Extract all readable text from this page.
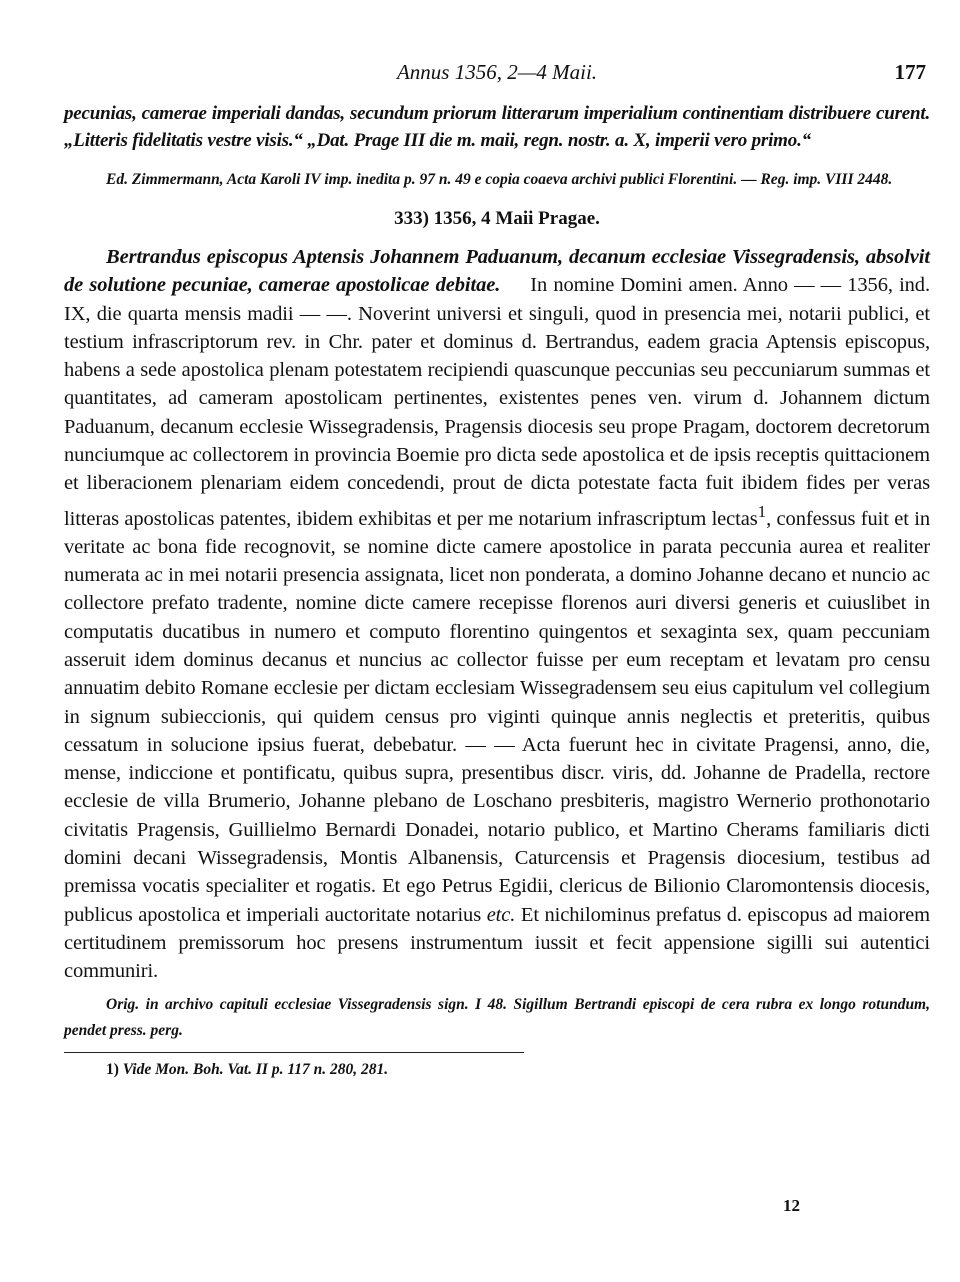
Annus 1356, 2—4 Maii.	177

pecunias, camerae imperiali dandas, secundum priorum litterarum imperialium continentiam distribuere curent. „Litteris fidelitatis vestre visis.“ „Dat. Prage III die m. maii, regn. nostr. a. X, imperii vero primo.“

Ed. Zimmermann, Acta Karoli IV imp. inedita p. 97 n. 49 e copia coaeva archivi publici Florentini. — Reg. imp. VIII 2448.

333) 1356, 4 Maii Pragae.

Bertrandus episcopus Aptensis Johannem Paduanum, decanum ecclesiae Vissegradensis, absolvit de solutione pecuniae, camerae apostolicae debitae. In nomine Domini amen. Anno — — 1356, ind. IX, die quarta mensis madii — —. Noverint universi et singuli, quod in presencia mei, notarii publici, et testium infrascriptorum rev. in Chr. pater et dominus d. Bertrandus, eadem gracia Aptensis episcopus, habens a sede apostolica plenam potestatem recipiendi quascunque peccunias seu peccuniarum summas et quantitates, ad cameram apostolicam pertinentes, existentes penes ven. virum d. Johannem dictum Paduanum, decanum ecclesie Wissegradensis, Pragensis diocesis seu prope Pragam, doctorem decretorum nunciumque ac collectorem in provincia Boemie pro dicta sede apostolica et de ipsis receptis quittacionem et liberacionem plenariam eidem concedendi, prout de dicta potestate facta fuit ibidem fides per veras litteras apostolicas patentes, ibidem exhibitas et per me notarium infrascriptum lectas$^1$, confessus fuit et in veritate ac bona fide recognovit, se nomine dicte camere apostolice in parata peccunia aurea et realiter numerata ac in mei notarii presencia assignata, licet non ponderata, a domino Johanne decano et nuncio ac collectore prefato tradente, nomine dicte camere recepisse florenos auri diversi generis et cuiuslibet in computatis ducatibus in numero et computo florentino quingentos et sexaginta sex, quam peccuniam asseruit idem dominus decanus et nuncius ac collector fuisse per eum receptam et levatam pro censu annuatim debito Romane ecclesie per dictam ecclesiam Wissegradensem seu eius capitulum vel collegium in signum subieccionis, qui quidem census pro viginti quinque annis neglectis et preteritis, quibus cessatum in solucione ipsius fuerat, debebatur. — — Acta fuerunt hec in civitate Pragensi, anno, die, mense, indiccione et pontificatu, quibus supra, presentibus discr. viris, dd. Johanne de Pradella, rectore ecclesie de villa Brumerio, Johanne plebano de Loschano presbiteris, magistro Wernerio prothonotario civitatis Pragensis, Guillielmo Bernardi Donadei, notario publico, et Martino Cherams familiaris dicti domini decani Wissegradensis, Montis Albanensis, Caturcensis et Pragensis diocesium, testibus ad premissa vocatis specialiter et rogatis. Et ego Petrus Egidii, clericus de Bilionio Claromontensis diocesis, publicus apostolica et imperiali auctoritate notarius etc. Et nichilominus prefatus d. episcopus ad maiorem certitudinem premissorum hoc presens instrumentum iussit et fecit appensione sigilli sui autentici communiri.

Orig. in archivo capituli ecclesiae Vissegradensis sign. I 48. Sigillum Bertrandi episcopi de cera rubra ex longo rotundum, pendet press. perg.

1) Vide Mon. Boh. Vat. II p. 117 n. 280, 281.
12
